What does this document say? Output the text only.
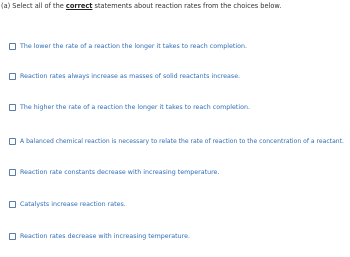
(a) Select all of the correct statements about reaction rates from the choices below.
The lower the rate of a reaction the longer it takes to reach completion.
Reaction rates always increase as masses of solid reactants increase.
The higher the rate of a reaction the longer it takes to reach completion.
A balanced chemical reaction is necessary to relate the rate of reaction to the concentration of a reactant.
Reaction rate constants decrease with increasing temperature.
Catalysts increase reaction rates.
Reaction rates decrease with increasing temperature.
